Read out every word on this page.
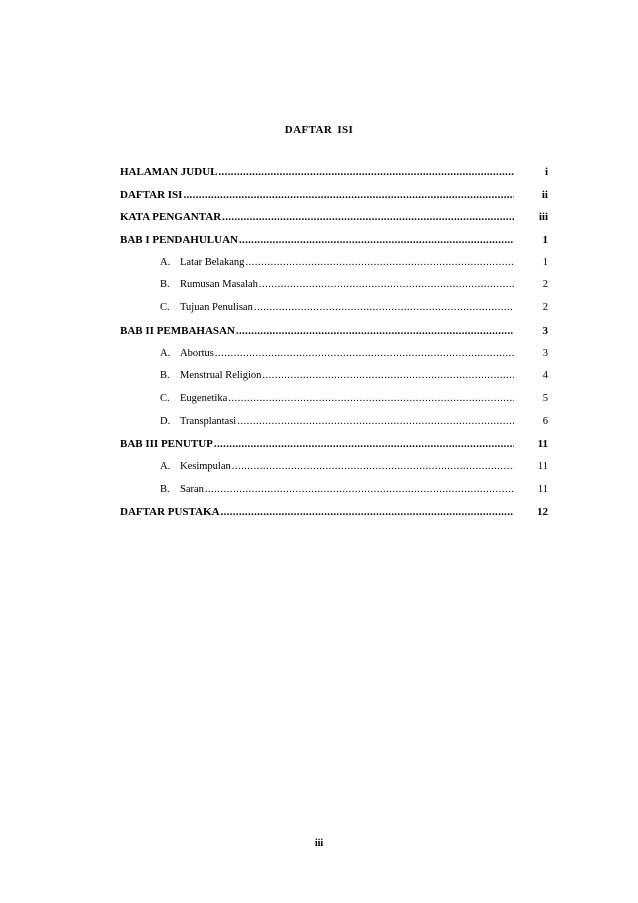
DAFTAR ISI
HALAMAN JUDUL .....	i
DAFTAR ISI .....	ii
KATA PENGANTAR .....	iii
BAB I PENDAHULUAN .....	1
A. Latar Belakang .....	1
B. Rumusan Masalah .....	2
C. Tujuan Penulisan .....	2
BAB II PEMBAHASAN .....	3
A. Abortus .....	3
B. Menstrual Religion .....	4
C. Eugenetika .....	5
D. Transplantasi .....	6
BAB III PENUTUP .....	11
A. Kesimpulan .....	11
B. Saran .....	11
DAFTAR PUSTAKA .....	12
iii
